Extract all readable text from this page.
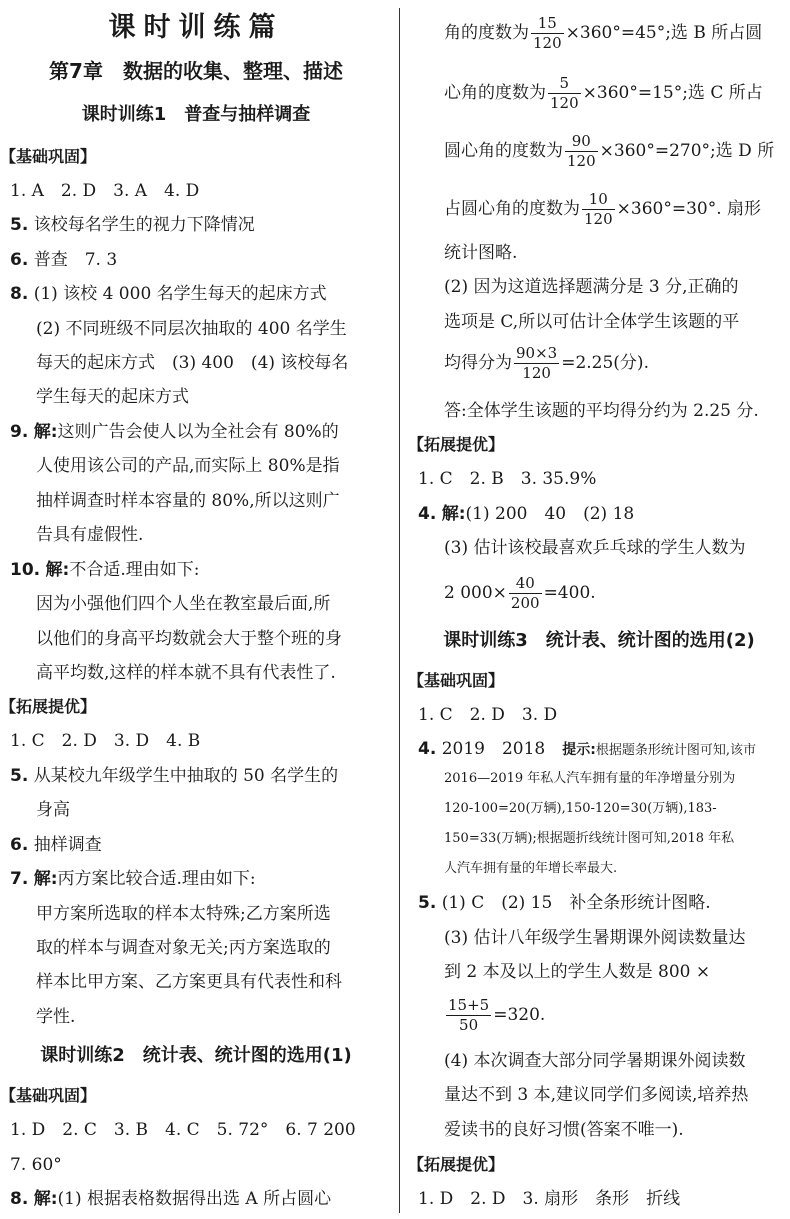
课时训练篇
第7章　数据的收集、整理、描述
课时训练1　普查与抽样调查
【基础巩固】
1. A　2. D　3. A　4. D
5. 该校每名学生的视力下降情况
6. 普查　7. 3
8. (1) 该校 4 000 名学生每天的起床方式
(2) 不同班级不同层次抽取的 400 名学生
每天的起床方式　(3) 400　(4) 该校每名
学生每天的起床方式
9. 解:这则广告会使人以为全社会有 80%的
人使用该公司的产品,而实际上 80%是指
抽样调查时样本容量的 80%,所以这则广
告具有虚假性.
10. 解:不合适.理由如下:
因为小强他们四个人坐在教室最后面,所
以他们的身高平均数就会大于整个班的身
高平均数,这样的样本就不具有代表性了.
【拓展提优】
1. C　2. D　3. D　4. B
5. 从某校九年级学生中抽取的 50 名学生的
身高
6. 抽样调查
7. 解:丙方案比较合适.理由如下:
甲方案所选取的样本太特殊;乙方案所选
取的样本与调查对象无关;丙方案选取的
样本比甲方案、乙方案更具有代表性和科
学性.
课时训练2　统计表、统计图的选用(1)
【基础巩固】
1. D　2. C　3. B　4. C　5. 72°　6. 7 200
7. 60°
8. 解:(1) 根据表格数据得出选 A 所占圆心
角的度数为 $\frac{15}{120} \times 360^\circ=45^\circ$;选 B 所占圆
心角的度数为 $\frac{5}{120} \times 360^\circ=15^\circ$;选 C 所占
圆心角的度数为 $\frac{90}{120} \times 360^\circ=270^\circ$;选 D 所
占圆心角的度数为 $\frac{10}{120} \times 360^\circ=30^\circ$. 扇形
统计图略.
(2) 因为这道选择题满分是 3 分,正确的
选项是 C,所以可估计全体学生该题的平
均得分为 $\frac{90\times 3}{120} =2.25$(分).
答:全体学生该题的平均得分约为 2.25 分.
【拓展提优】
1. C　2. B　3. 35.9%
4. 解:(1) 200　40　(2) 18
(3) 估计该校最喜欢乒乓球的学生人数为
2 $000\times \frac{40}{200} =400$.
课时训练3　统计表、统计图的选用(2)
【基础巩固】
1. C　2. D　3. D
4. 2019　2018　 提示:根据题条形统计图可知,该市
2016—2019 年私人汽车拥有量的年净增量分别为
120-100=20(万辆),150-120=30(万辆),183-
150=33(万辆);根据题折线统计图可知,2018 年私
人汽车拥有量的年增长率最大.
5. (1) C　(2) 15　补全条形统计图略.
(3) 估计八年级学生暑期课外阅读数量达
到 2 本及以上的学生人数是 800 ×
$\frac{15+5}{50} =320$.
(4) 本次调查大部分同学暑期课外阅读数
量达不到 3 本,建议同学们多阅读,培养热
爱读书的良好习惯(答案不唯一).
【拓展提优】
1. D　2. D　3. 扇形　条形　折线
